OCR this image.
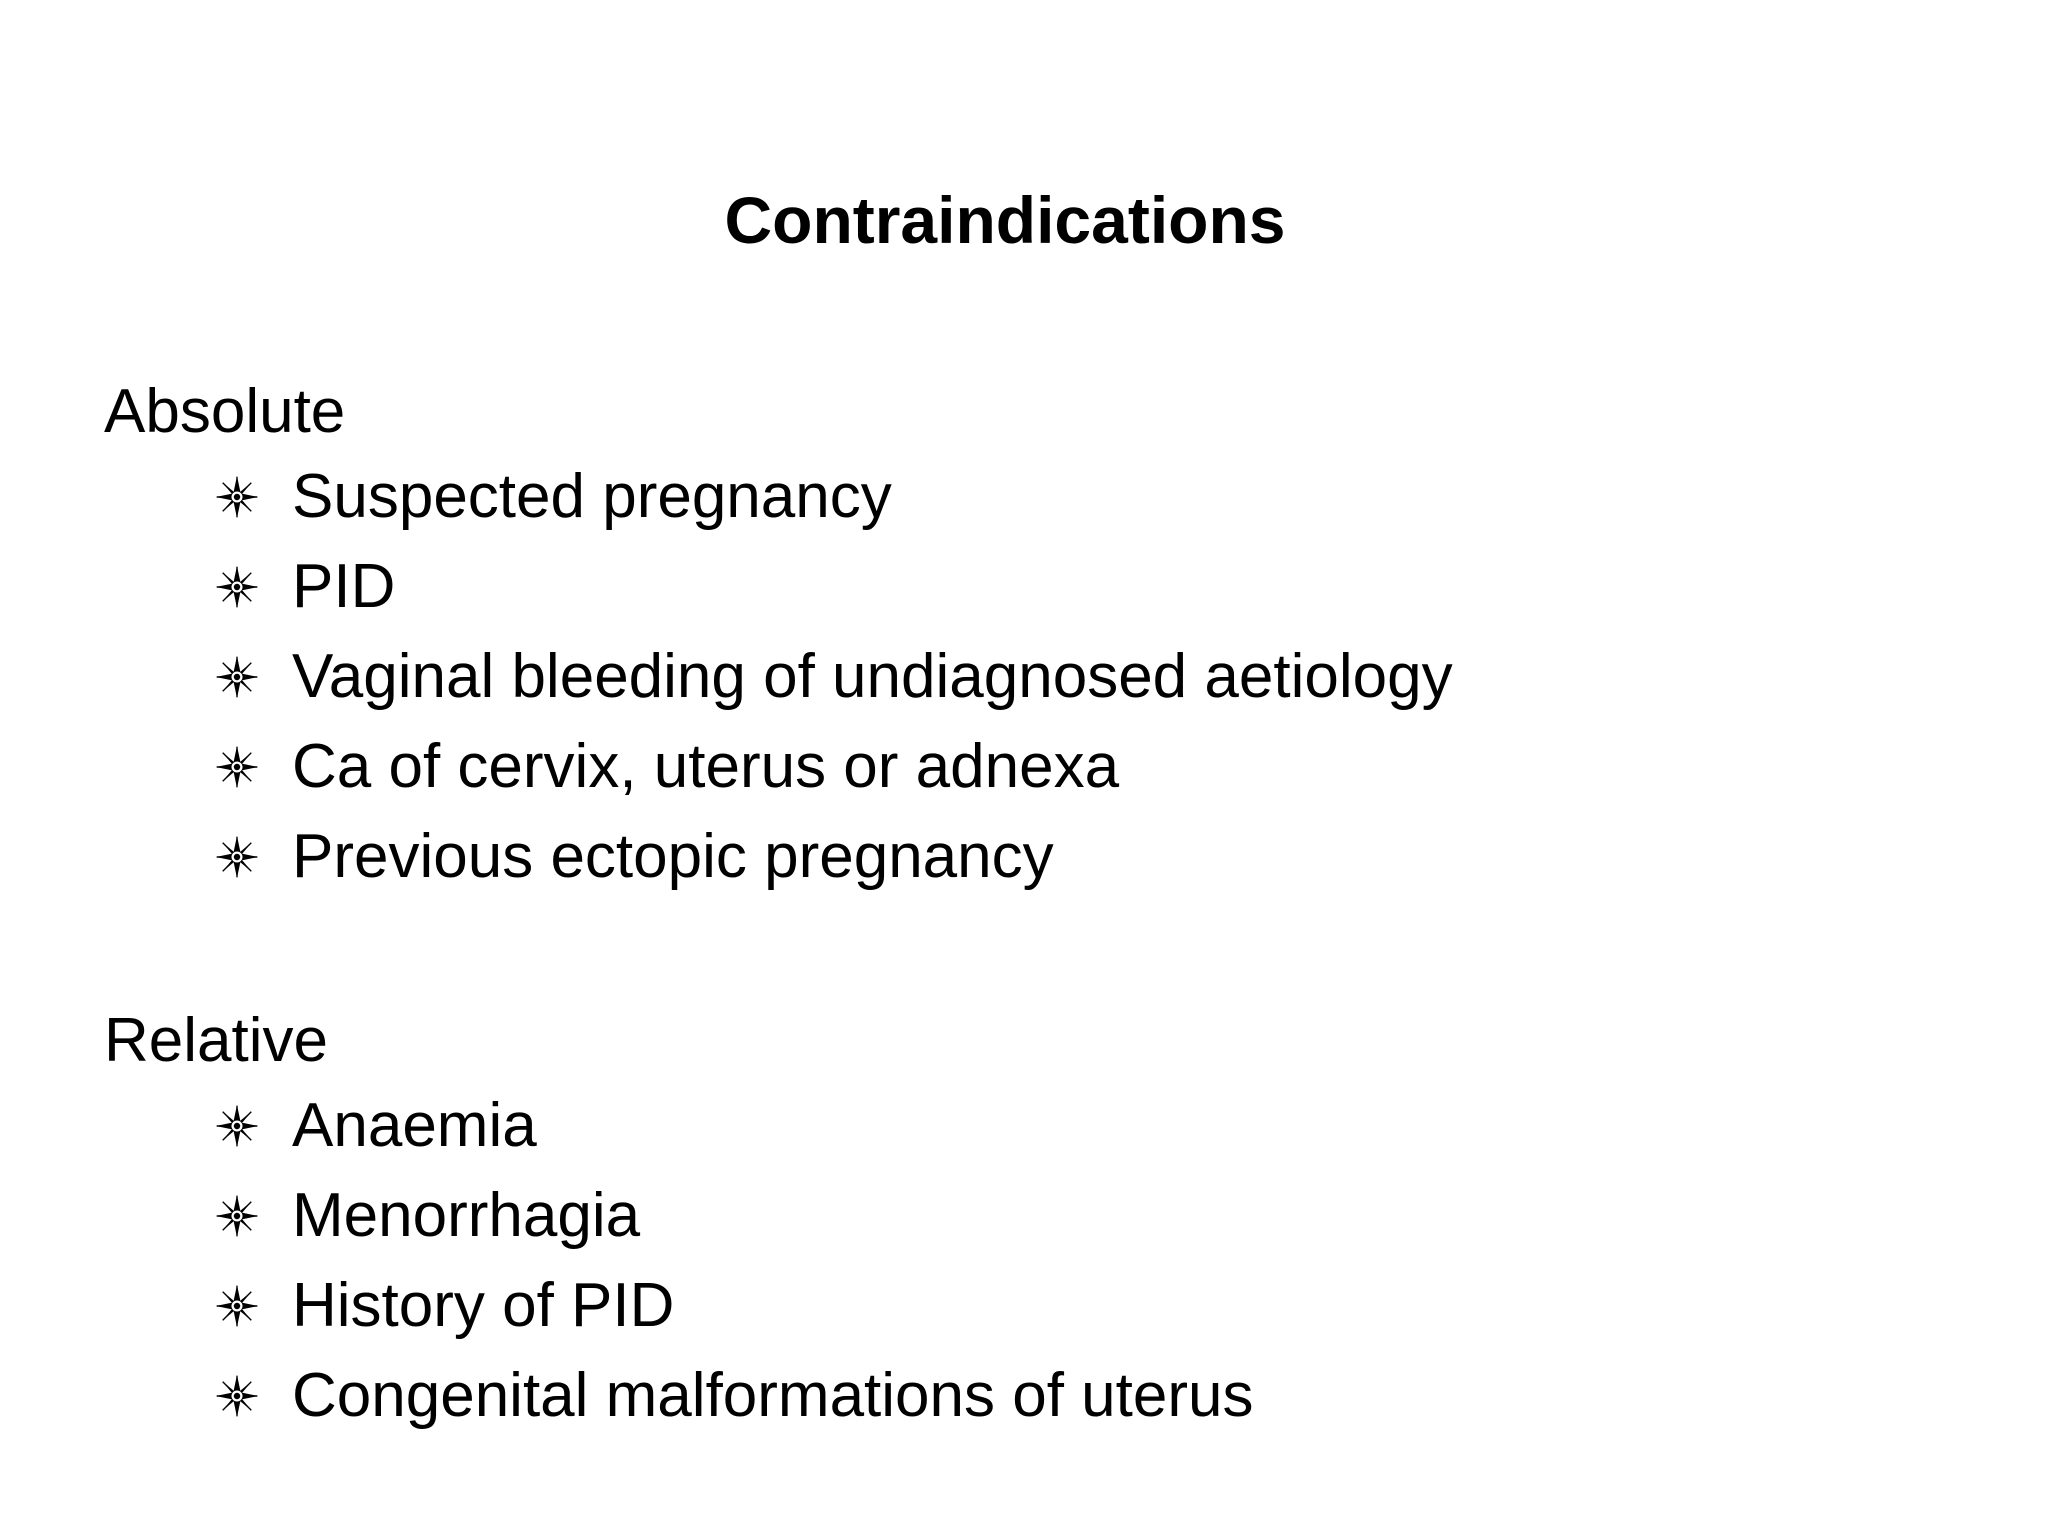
Contraindications
Absolute
Suspected pregnancy
PID
Vaginal bleeding of undiagnosed aetiology
Ca of cervix, uterus or adnexa
Previous ectopic pregnancy
Relative
Anaemia
Menorrhagia
History of PID
Congenital malformations of uterus
